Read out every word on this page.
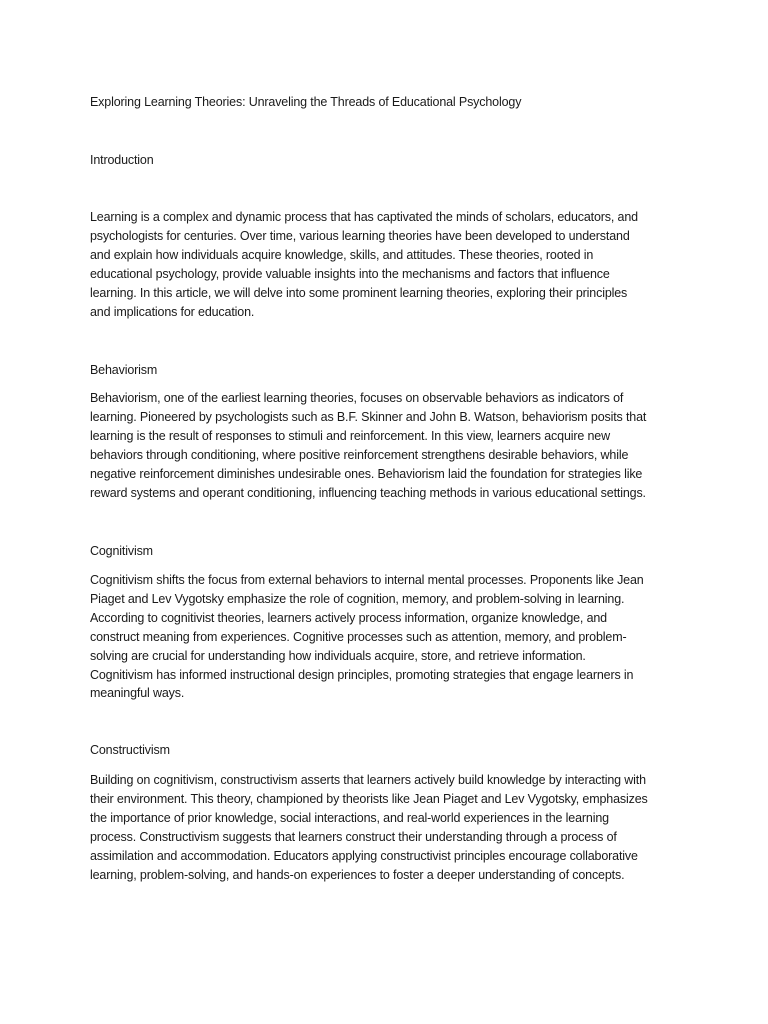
Exploring Learning Theories: Unraveling the Threads of Educational Psychology
Introduction
Learning is a complex and dynamic process that has captivated the minds of scholars, educators, and
psychologists for centuries. Over time, various learning theories have been developed to understand
and explain how individuals acquire knowledge, skills, and attitudes. These theories, rooted in
educational psychology, provide valuable insights into the mechanisms and factors that influence
learning. In this article, we will delve into some prominent learning theories, exploring their principles
and implications for education.
Behaviorism
Behaviorism, one of the earliest learning theories, focuses on observable behaviors as indicators of
learning. Pioneered by psychologists such as B.F. Skinner and John B. Watson, behaviorism posits that
learning is the result of responses to stimuli and reinforcement. In this view, learners acquire new
behaviors through conditioning, where positive reinforcement strengthens desirable behaviors, while
negative reinforcement diminishes undesirable ones. Behaviorism laid the foundation for strategies like
reward systems and operant conditioning, influencing teaching methods in various educational settings.
Cognitivism
Cognitivism shifts the focus from external behaviors to internal mental processes. Proponents like Jean
Piaget and Lev Vygotsky emphasize the role of cognition, memory, and problem-solving in learning.
According to cognitivist theories, learners actively process information, organize knowledge, and
construct meaning from experiences. Cognitive processes such as attention, memory, and problem-
solving are crucial for understanding how individuals acquire, store, and retrieve information.
Cognitivism has informed instructional design principles, promoting strategies that engage learners in
meaningful ways.
Constructivism
Building on cognitivism, constructivism asserts that learners actively build knowledge by interacting with
their environment. This theory, championed by theorists like Jean Piaget and Lev Vygotsky, emphasizes
the importance of prior knowledge, social interactions, and real-world experiences in the learning
process. Constructivism suggests that learners construct their understanding through a process of
assimilation and accommodation. Educators applying constructivist principles encourage collaborative
learning, problem-solving, and hands-on experiences to foster a deeper understanding of concepts.
